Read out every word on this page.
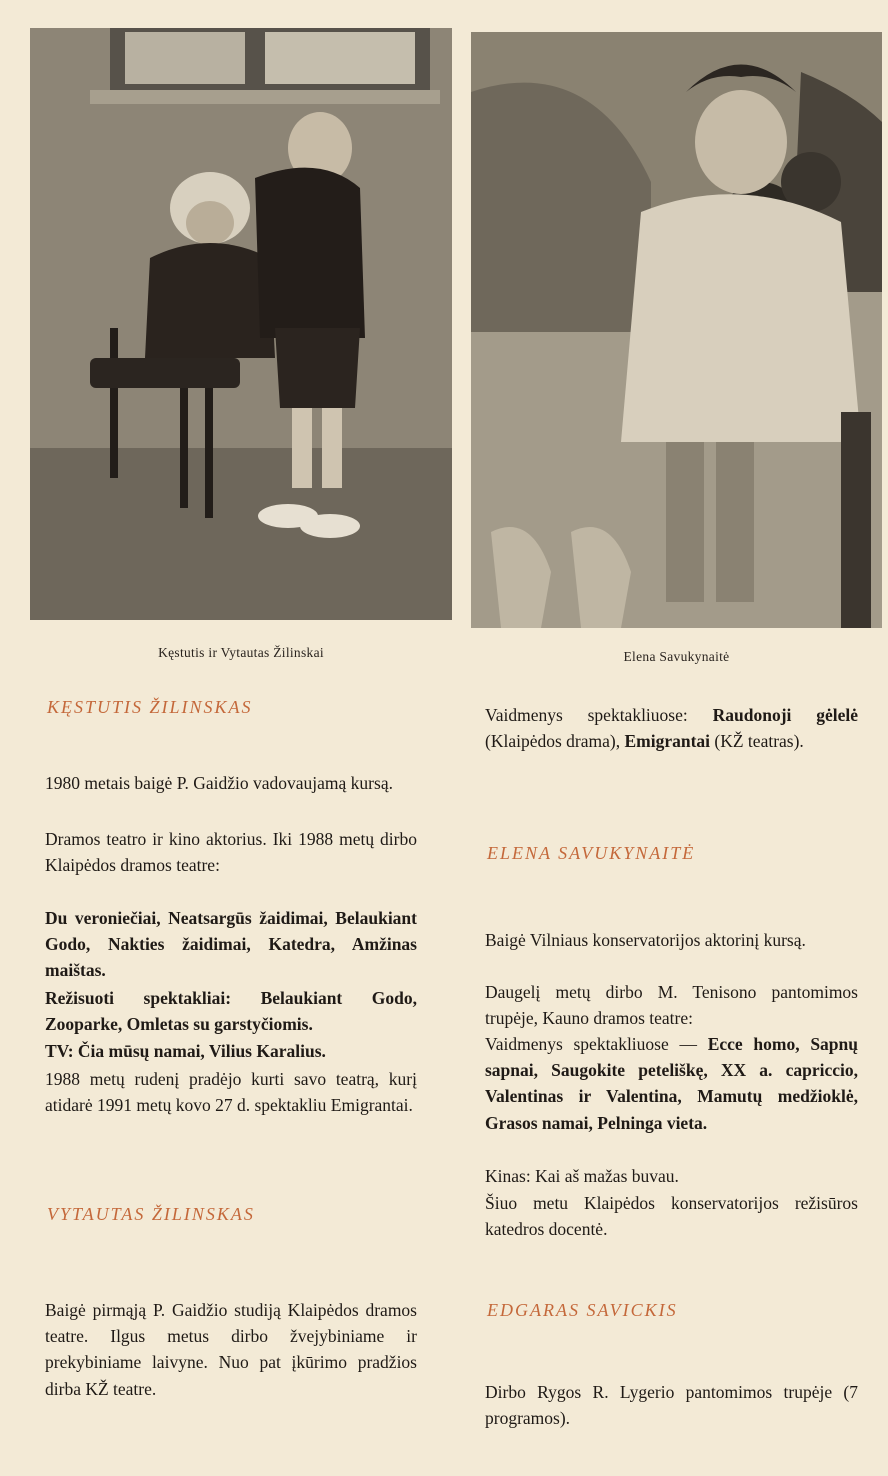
Kęstutis ir Vytautas Žilinskai	Elena Savukynaitė
KĘSTUTIS ŽILINSKAS

1980 metais baigė P. Gaidžio vadovaujamą kursą.

Dramos teatro ir kino aktorius. Iki 1988 metų dirbo Klaipėdos dramos teatre:

Du veroniečiai, Neatsargūs žaidimai, Belaukiant Godo, Nakties žaidimai, Katedra, Amžinas maištas.

Režisuoti spektakliai: Belaukiant Godo, Zooparke, Omletas su garstyčiomis.

TV: Čia mūsų namai, Vilius Karalius.

1988 metų rudenį pradėjo kurti savo teatrą, kurį atidarė 1991 metų kovo 27 d. spektakliu Emigrantai.

VYTAUTAS ŽILINSKAS

Baigė pirmąją P. Gaidžio studiją Klaipėdos dramos teatre. Ilgus metus dirbo žvejybiniame ir prekybiniame laivyne. Nuo pat įkūrimo pradžios dirba KŽ teatre.

Vaidmenys spektakliuose: Raudonoji gėlelė (Klaipėdos drama), Emigrantai (KŽ teatras).

ELENA SAVUKYNAITĖ

Baigė Vilniaus konservatorijos aktorinį kursą.

Daugelį metų dirbo M. Tenisono pantomimos trupėje, Kauno dramos teatre:

Vaidmenys spektakliuose — Ecce homo, Sapnų sapnai, Saugokite peteliškę, XX a. capriccio, Valentinas ir Valentina, Mamutų medžioklė, Grasos namai, Pelninga vieta.

Kinas: Kai aš mažas buvau.

Šiuo metu Klaipėdos konservatorijos režisūros katedros docentė.

EDGARAS SAVICKIS

Dirbo Rygos R. Lygerio pantomimos trupėje (7 programos).
